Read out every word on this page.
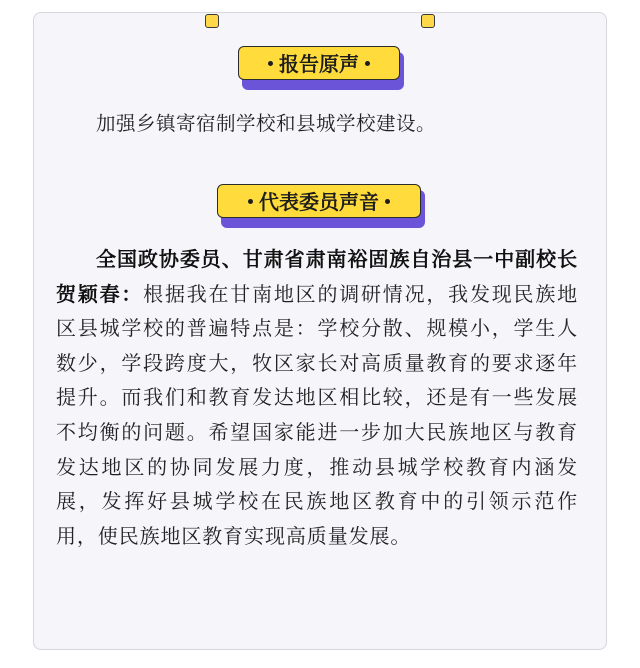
报告原声
加强乡镇寄宿制学校和县城学校建设。
代表委员声音
全国政协委员、甘肃省肃南裕固族自治县一中副校长贺颖春：根据我在甘南地区的调研情况，我发现民族地区县城学校的普遍特点是：学校分散、规模小，学生人数少，学段跨度大，牧区家长对高质量教育的要求逐年提升。而我们和教育发达地区相比较，还是有一些发展不均衡的问题。希望国家能进一步加大民族地区与教育发达地区的协同发展力度，推动县城学校教育内涵发展，发挥好县城学校在民族地区教育中的引领示范作用，使民族地区教育实现高质量发展。
